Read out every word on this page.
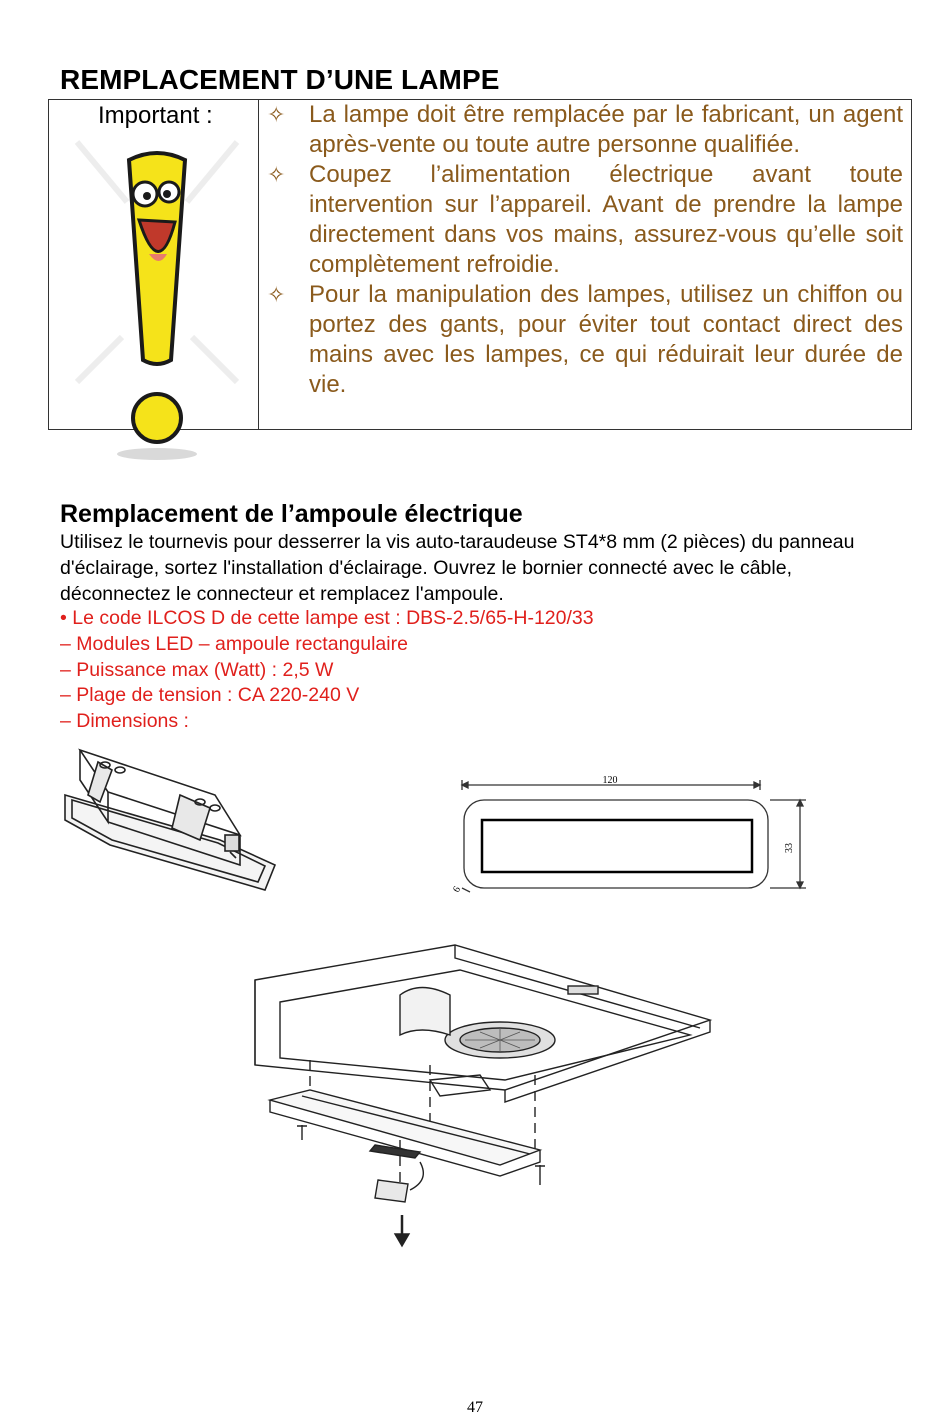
REMPLACEMENT D’UNE LAMPE
Important : ✧ La lampe doit être remplacée par le fabricant, un agent après-vente ou toute autre personne qualifiée.
✧ Coupez l’alimentation électrique avant toute intervention sur l’appareil. Avant de prendre la lampe directement dans vos mains, assurez-vous qu’elle soit complètement refroidie.
✧ Pour la manipulation des lampes, utilisez un chiffon ou portez des gants, pour éviter tout contact direct des mains avec les lampes, ce qui réduirait leur durée de vie.
Remplacement de l’ampoule électrique

Utilisez le tournevis pour desserrer la vis auto-taraudeuse ST4*8 mm (2 pièces) du panneau d'éclairage, sortez l'installation d'éclairage. Ouvrez le bornier connecté avec le câble, déconnectez le connecteur et remplacez l'ampoule.

• Le code ILCOS D de cette lampe est : DBS-2.5/65-H-120/33
– Modules LED – ampoule rectangulaire
– Puissance max (Watt) : 2,5 W
– Plage de tension : CA 220-240 V
– Dimensions :
120
33
6
47
